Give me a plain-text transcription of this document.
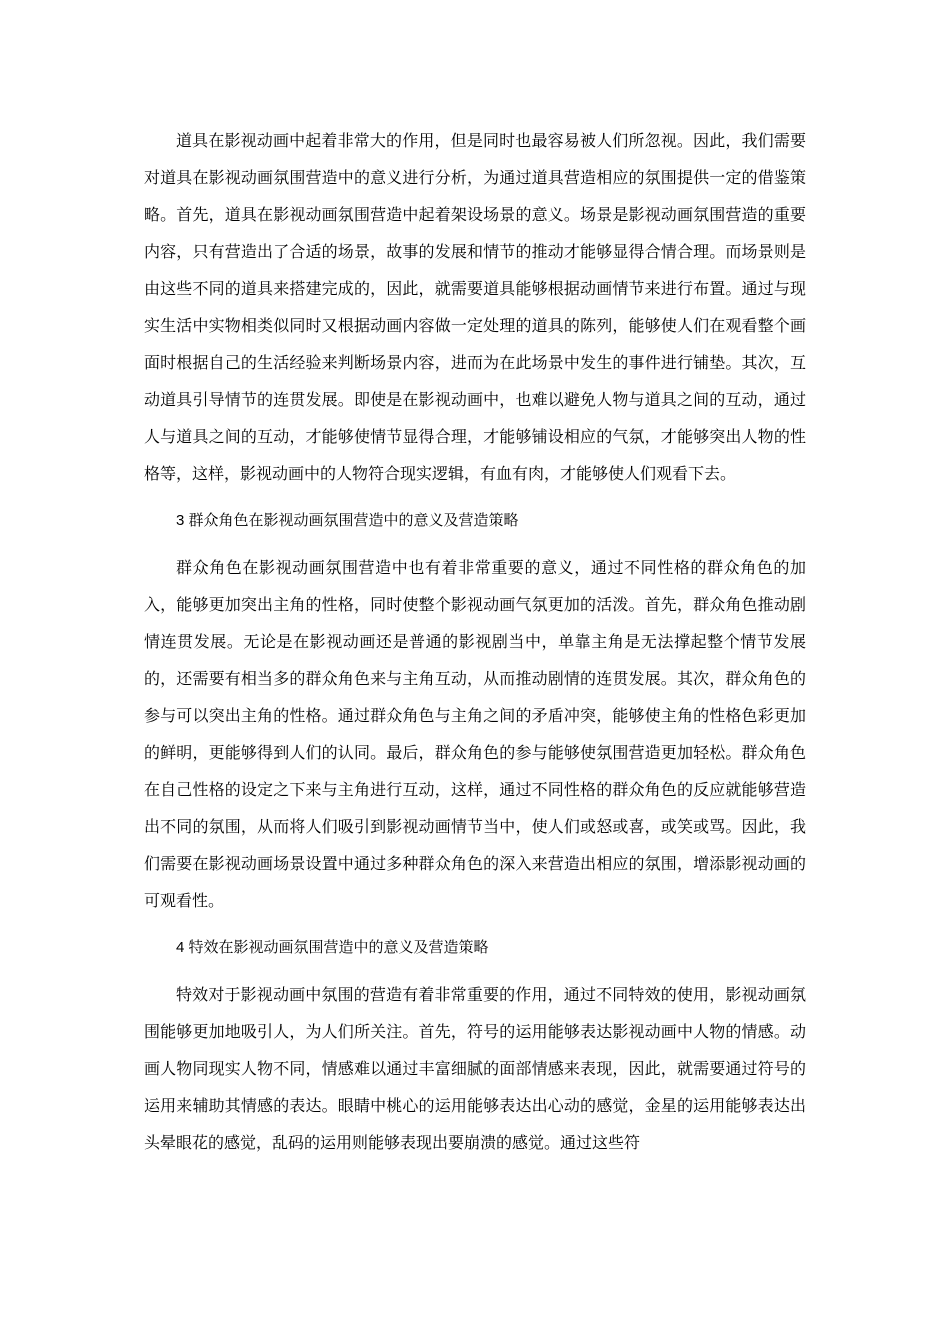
道具在影视动画中起着非常大的作用，但是同时也最容易被人们所忽视。因此，我们需要对道具在影视动画氛围营造中的意义进行分析，为通过道具营造相应的氛围提供一定的借鉴策略。首先，道具在影视动画氛围营造中起着架设场景的意义。场景是影视动画氛围营造的重要内容，只有营造出了合适的场景，故事的发展和情节的推动才能够显得合情合理。而场景则是由这些不同的道具来搭建完成的，因此，就需要道具能够根据动画情节来进行布置。通过与现实生活中实物相类似同时又根据动画内容做一定处理的道具的陈列，能够使人们在观看整个画面时根据自己的生活经验来判断场景内容，进而为在此场景中发生的事件进行铺垫。其次，互动道具引导情节的连贯发展。即使是在影视动画中，也难以避免人物与道具之间的互动，通过人与道具之间的互动，才能够使情节显得合理，才能够铺设相应的气氛，才能够突出人物的性格等，这样，影视动画中的人物符合现实逻辑，有血有肉，才能够使人们观看下去。

3 群众角色在影视动画氛围营造中的意义及营造策略

群众角色在影视动画氛围营造中也有着非常重要的意义，通过不同性格的群众角色的加入，能够更加突出主角的性格，同时使整个影视动画气氛更加的活泼。首先，群众角色推动剧情连贯发展。无论是在影视动画还是普通的影视剧当中，单靠主角是无法撑起整个情节发展的，还需要有相当多的群众角色来与主角互动，从而推动剧情的连贯发展。其次，群众角色的参与可以突出主角的性格。通过群众角色与主角之间的矛盾冲突，能够使主角的性格色彩更加的鲜明，更能够得到人们的认同。最后，群众角色的参与能够使氛围营造更加轻松。群众角色在自己性格的设定之下来与主角进行互动，这样，通过不同性格的群众角色的反应就能够营造出不同的氛围，从而将人们吸引到影视动画情节当中，使人们或怒或喜，或笑或骂。因此，我们需要在影视动画场景设置中通过多种群众角色的深入来营造出相应的氛围，增添影视动画的可观看性。

4 特效在影视动画氛围营造中的意义及营造策略

特效对于影视动画中氛围的营造有着非常重要的作用，通过不同特效的使用，影视动画氛围能够更加地吸引人，为人们所关注。首先，符号的运用能够表达影视动画中人物的情感。动画人物同现实人物不同，情感难以通过丰富细腻的面部情感来表现，因此，就需要通过符号的运用来辅助其情感的表达。眼睛中桃心的运用能够表达出心动的感觉，金星的运用能够表达出头晕眼花的感觉，乱码的运用则能够表现出要崩溃的感觉。通过这些符
